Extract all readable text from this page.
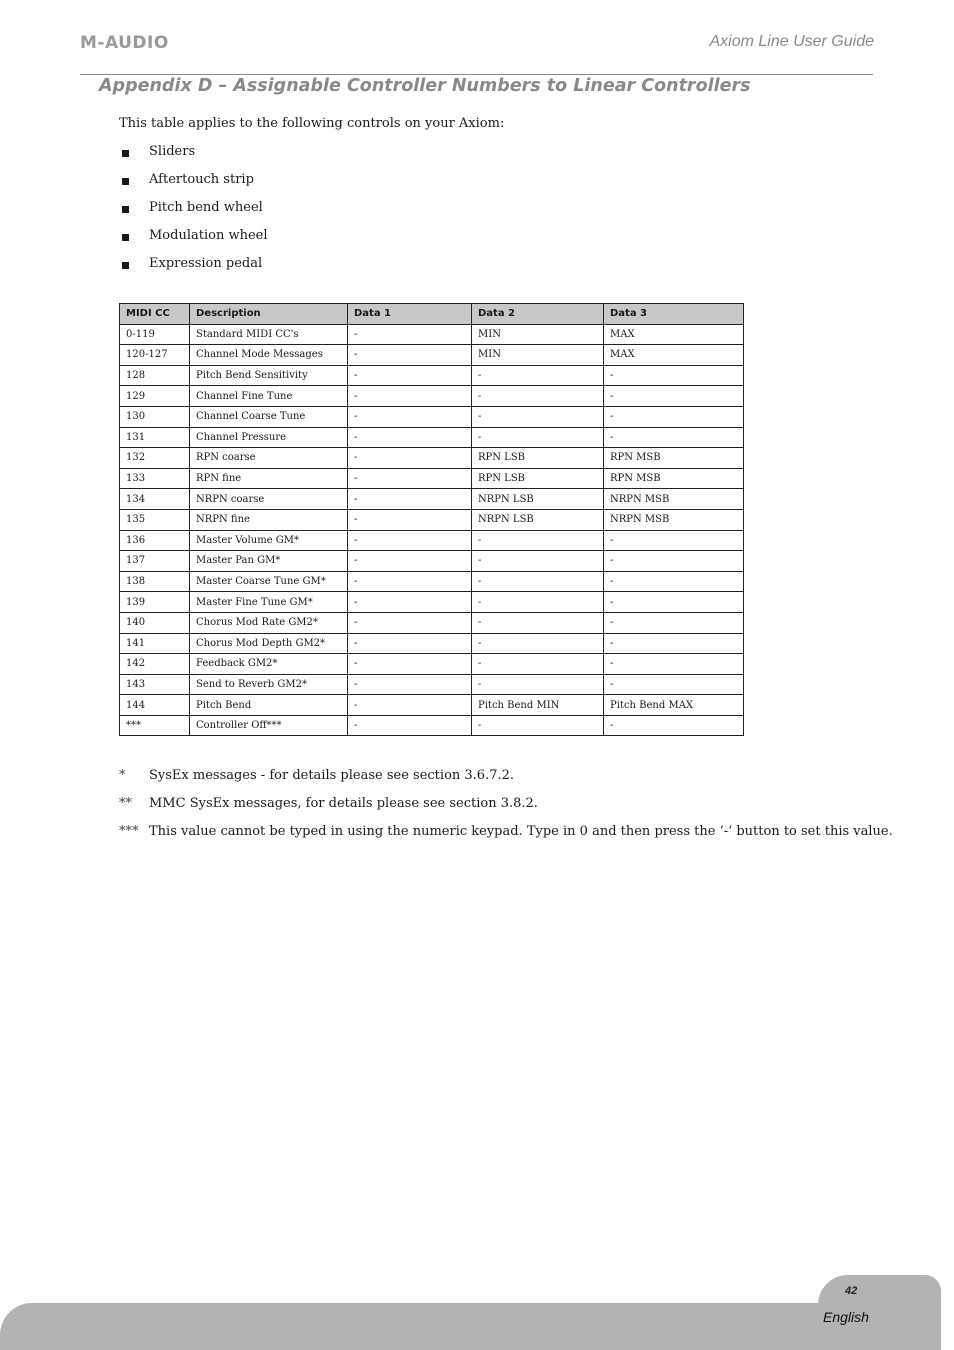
M-AUDIO	Axiom Line User Guide
Appendix D – Assignable Controller Numbers to Linear Controllers
This table applies to the following controls on your Axiom:
Sliders
Aftertouch strip
Pitch bend wheel
Modulation wheel
Expression pedal
MIDI CC	Description	Data 1	Data 2	Data 3
0-119	Standard MIDI CC's	-	MIN	MAX
120-127	Channel Mode Messages	-	MIN	MAX
128	Pitch Bend Sensitivity	-	-	-
129	Channel Fine Tune	-	-	-
130	Channel Coarse Tune	-	-	-
131	Channel Pressure	-	-	-
132	RPN coarse	-	RPN LSB	RPN MSB
133	RPN fine	-	RPN LSB	RPN MSB
134	NRPN coarse	-	NRPN LSB	NRPN MSB
135	NRPN fine	-	NRPN LSB	NRPN MSB
136	Master Volume GM*	-	-	-
137	Master Pan GM*	-	-	-
138	Master Coarse Tune GM*	-	-	-
139	Master Fine Tune GM*	-	-	-
140	Chorus Mod Rate GM2*	-	-	-
141	Chorus Mod Depth GM2*	-	-	-
142	Feedback GM2*	-	-	-
143	Send to Reverb GM2*	-	-	-
144	Pitch Bend	-	Pitch Bend MIN	Pitch Bend MAX
***	Controller Off***	-	-	-
*	SysEx messages - for details please see section 3.6.7.2.
**	MMC SysEx messages, for details please see section 3.8.2.
*** This value cannot be typed in using the numeric keypad. Type in 0 and then press the ‘-‘ button to set this value.
42
English
